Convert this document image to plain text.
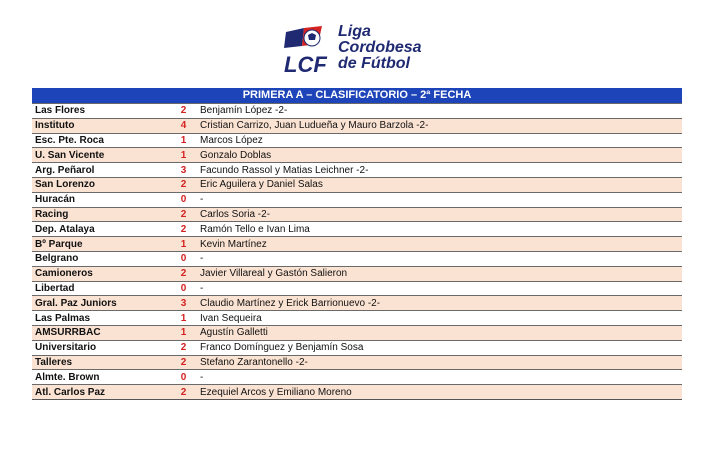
LCF
Liga
Cordobesa
de Fútbol
PRIMERA A – CLASIFICATORIO – 2ª FECHA
Las Flores	2	Benjamín López -2-
Instituto	4	Cristian Carrizo, Juan Ludueña y Mauro Barzola -2-
Esc. Pte. Roca	1	Marcos López
U. San Vicente	1	Gonzalo Doblas
Arg. Peñarol	3	Facundo Rassol y Matias Leichner -2-
San Lorenzo	2	Eric Aguilera y Daniel Salas
Huracán	0	-
Racing	2	Carlos Soria -2-
Dep. Atalaya	2	Ramón Tello e Ivan Lima
Bº Parque	1	Kevin Martínez
Belgrano	0	-
Camioneros	2	Javier Villareal y Gastón Salieron
Libertad	0	-
Gral. Paz Juniors	3	Claudio Martínez y Erick Barrionuevo -2-
Las Palmas	1	Ivan Sequeira
AMSURRBAC	1	Agustín Galletti
Universitario	2	Franco Domínguez y Benjamín Sosa
Talleres	2	Stefano Zarantonello -2-
Almte. Brown	0	-
Atl. Carlos Paz	2	Ezequiel Arcos y Emiliano Moreno
